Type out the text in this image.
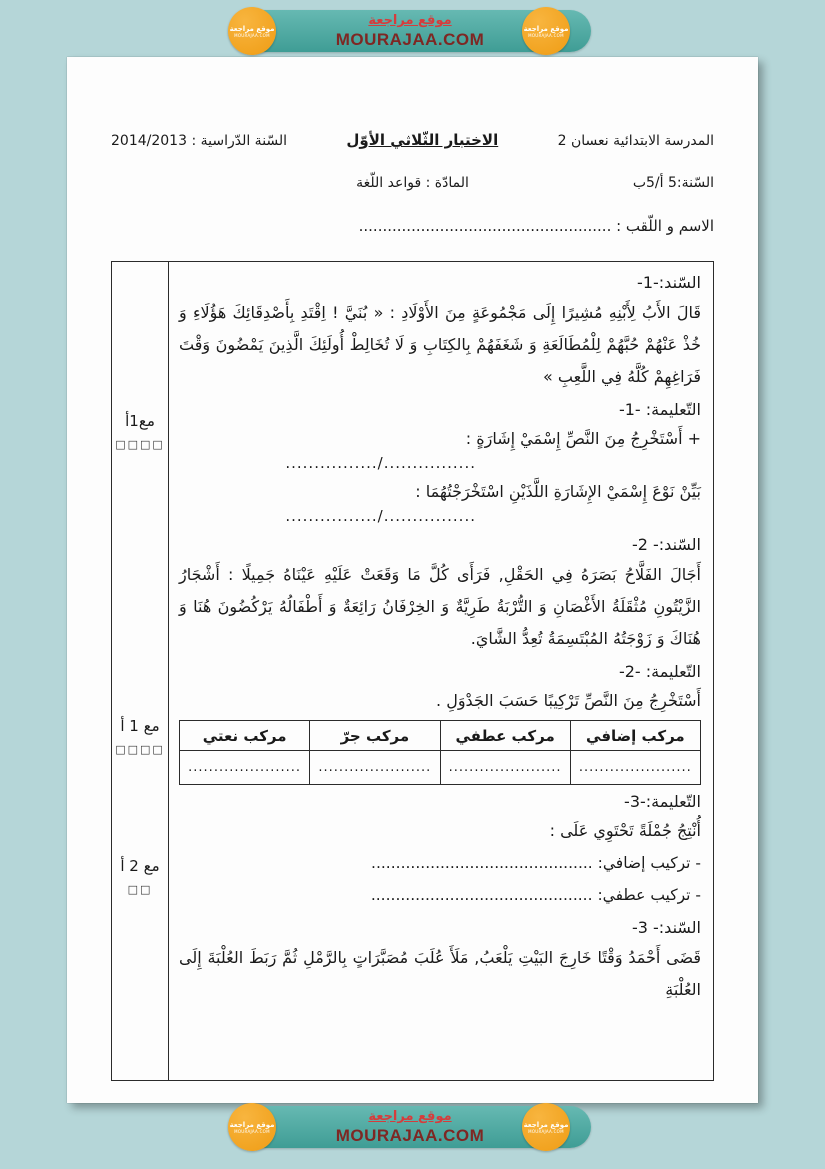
موقع مراجعة
MOURAJAA.COM
موقع مراجعة
MOURAJAA.COM
موقع مراجعة
MOURAJAA.COM
المدرسة الابتدائية نعسان 2
الاختبار الثّلاثي الأوّل
السّنة الدّراسية : 2014/2013
السّنة:5 أ/5ب
المادّة : قواعد اللّغة
الاسم و اللّقب : .....................................................
السّند:-1-
قَالَ الأَبُ لِأَبْنِهِ مُشِيرًا إِلَى مَجْمُوعَةٍ مِنَ الأَوْلَادِ : « بُنَيَّ ! اِقْتَدِ بِأَصْدِقَائِكَ هَؤُلَاءِ وَ خُذْ عَنْهُمْ حُبَّهُمْ لِلْمُطَالَعَةِ وَ شَغَفَهُمْ بِالكِتَابِ وَ لَا تُخَالِطْ أُولَئِكَ الَّذِينَ يَمْضُونَ وَقْتَ فَرَاغِهِمْ كُلَّهُ فِي اللَّعِبِ »
التّعليمة: -1-
+ أَسْتَخْرِجُ مِنَ النَّصِّ إِسْمَيْ إِشَارَةٍ :
................/................
بَيِّنْ نَوْعَ إِسْمَيْ الإِشَارَةِ اللَّذَيْنِ اسْتَخْرَجْتُهُمَا :
................/................
السّند:- 2-
أَجَالَ الفَلَّاحُ بَصَرَهُ فِي الحَقْلِ, فَرَأَى كُلَّ مَا وَقَعَتْ عَلَيْهِ عَيْنَاهُ جَمِيلًا : أَشْجَارُ الزَّيْتُونِ مُثْقَلَةُ الأَغْصَانِ وَ التُّرْبَةُ طَرِيَّةٌ وَ الخِرْفَانُ رَائِعَةٌ وَ أَطْفَالُهُ يَرْكُضُونَ هُنَا وَ هُنَاكَ وَ زَوْجَتُهُ المُبْتَسِمَةُ تُعِدُّ الشَّايَ.
التّعليمة: -2-
أَسْتَخْرِجُ مِنَ النَّصِّ تَرْكِيبًا حَسَبَ الجَدْوَلِ .
مركب إضافي	مركب عطفي	مركب جرّ	مركب نعتي
......................	......................	......................	......................
التّعليمة:-3-
أُنْتِجُ جُمْلَةً تَحْتَوِي عَلَى :
- تركيب إضافي: .............................................
- تركيب عطفي: .............................................
السّند:- 3-
قَضَى أَحْمَدُ وَقْتًا خَارِجَ البَيْتِ يَلْعَبُ, مَلَأَ عُلَبَ مُصَبَّرَاتٍ بِالرَّمْلِ ثُمَّ رَبَطَ العُلْبَةَ إِلَى العُلْبَةِ
مع1أ
□□□□
مع 1 أ
□□□□
مع 2 أ
□□
موقع مراجعة
MOURAJAA.COM
موقع مراجعة
MOURAJAA.COM
موقع مراجعة
MOURAJAA.COM
